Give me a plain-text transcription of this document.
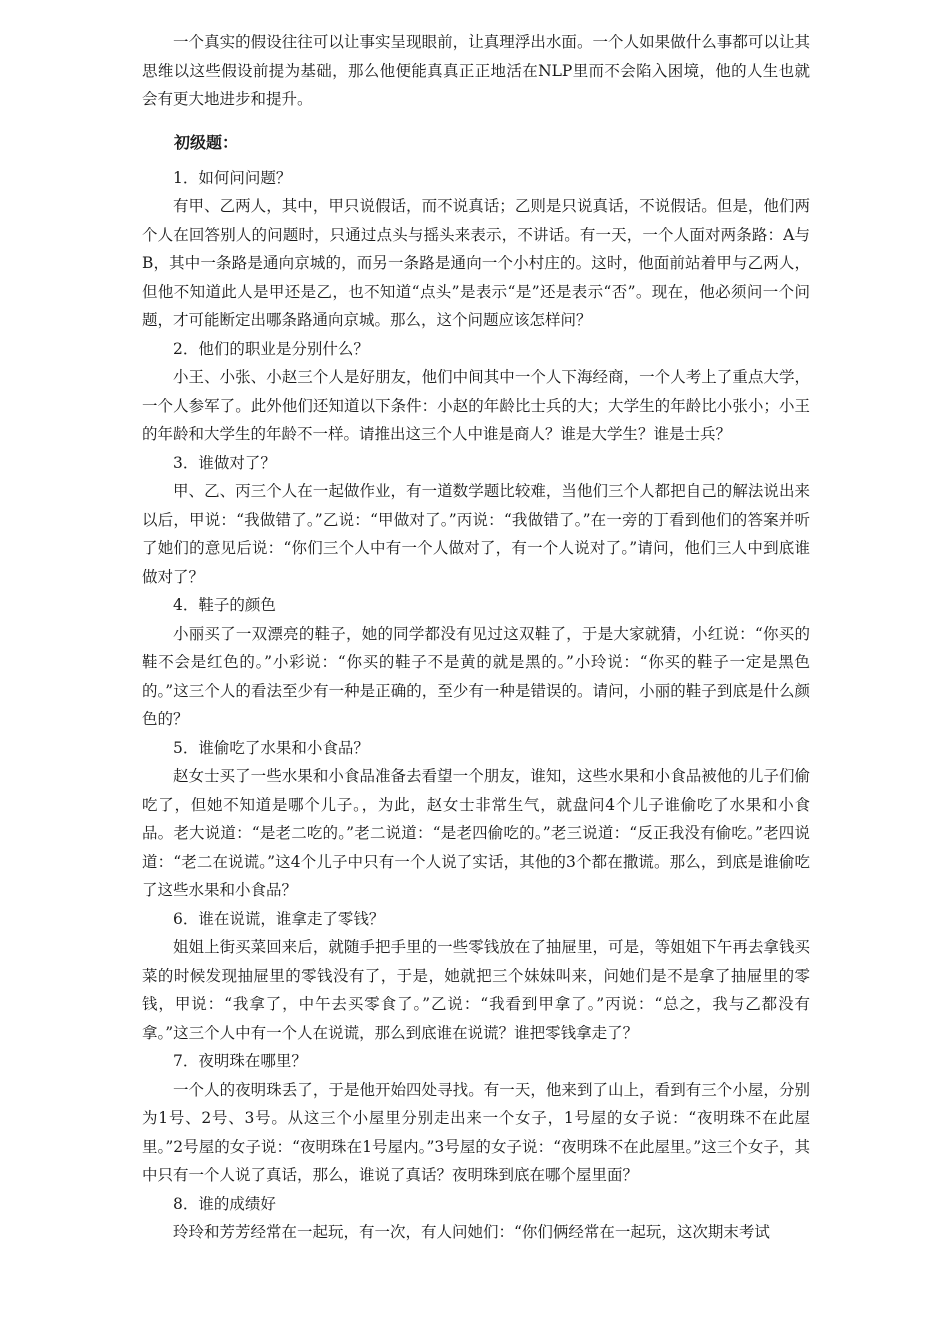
一个真实的假设往往可以让事实呈现眼前，让真理浮出水面。一个人如果做什么事都可以让其思维以这些假设前提为基础，那么他便能真真正正地活在NLP里而不会陷入困境，他的人生也就会有更大地进步和提升。

初级题：

1．如何问问题？

有甲、乙两人，其中，甲只说假话，而不说真话；乙则是只说真话，不说假话。但是，他们两个人在回答别人的问题时，只通过点头与摇头来表示，不讲话。有一天，一个人面对两条路：A与B，其中一条路是通向京城的，而另一条路是通向一个小村庄的。这时，他面前站着甲与乙两人，但他不知道此人是甲还是乙，也不知道“点头”是表示“是”还是表示“否”。现在，他必须问一个问题，才可能断定出哪条路通向京城。那么，这个问题应该怎样问？

2．他们的职业是分别什么？

小王、小张、小赵三个人是好朋友，他们中间其中一个人下海经商，一个人考上了重点大学，一个人参军了。此外他们还知道以下条件：小赵的年龄比士兵的大；大学生的年龄比小张小；小王的年龄和大学生的年龄不一样。请推出这三个人中谁是商人？谁是大学生？谁是士兵？

3．谁做对了？

甲、乙、丙三个人在一起做作业，有一道数学题比较难，当他们三个人都把自己的解法说出来以后，甲说：“我做错了。”乙说：“甲做对了。”丙说：“我做错了。”在一旁的丁看到他们的答案并听了她们的意见后说：“你们三个人中有一个人做对了，有一个人说对了。”请问，他们三人中到底谁做对了？

4．鞋子的颜色

小丽买了一双漂亮的鞋子，她的同学都没有见过这双鞋了，于是大家就猜，小红说：“你买的鞋不会是红色的。”小彩说：“你买的鞋子不是黄的就是黑的。”小玲说：“你买的鞋子一定是黑色的。”这三个人的看法至少有一种是正确的，至少有一种是错误的。请问，小丽的鞋子到底是什么颜色的？

5．谁偷吃了水果和小食品？

赵女士买了一些水果和小食品准备去看望一个朋友，谁知，这些水果和小食品被他的儿子们偷吃了，但她不知道是哪个儿子。，为此，赵女士非常生气，就盘问4个儿子谁偷吃了水果和小食品。老大说道：“是老二吃的。”老二说道：“是老四偷吃的。”老三说道：“反正我没有偷吃。”老四说道：“老二在说谎。”这4个儿子中只有一个人说了实话，其他的3个都在撒谎。那么，到底是谁偷吃了这些水果和小食品？

6．谁在说谎，谁拿走了零钱？

姐姐上街买菜回来后，就随手把手里的一些零钱放在了抽屉里，可是，等姐姐下午再去拿钱买菜的时候发现抽屉里的零钱没有了，于是，她就把三个妹妹叫来，问她们是不是拿了抽屉里的零钱，甲说：“我拿了，中午去买零食了。”乙说：“我看到甲拿了。”丙说：“总之，我与乙都没有拿。”这三个人中有一个人在说谎，那么到底谁在说谎？谁把零钱拿走了？

7．夜明珠在哪里？

一个人的夜明珠丢了，于是他开始四处寻找。有一天，他来到了山上，看到有三个小屋，分别为1号、2号、3号。从这三个小屋里分别走出来一个女子，1号屋的女子说：“夜明珠不在此屋里。”2号屋的女子说：“夜明珠在1号屋内。”3号屋的女子说：“夜明珠不在此屋里。”这三个女子，其中只有一个人说了真话，那么，谁说了真话？夜明珠到底在哪个屋里面？

8．谁的成绩好

玲玲和芳芳经常在一起玩，有一次，有人问她们：“你们俩经常在一起玩，这次期末考试
